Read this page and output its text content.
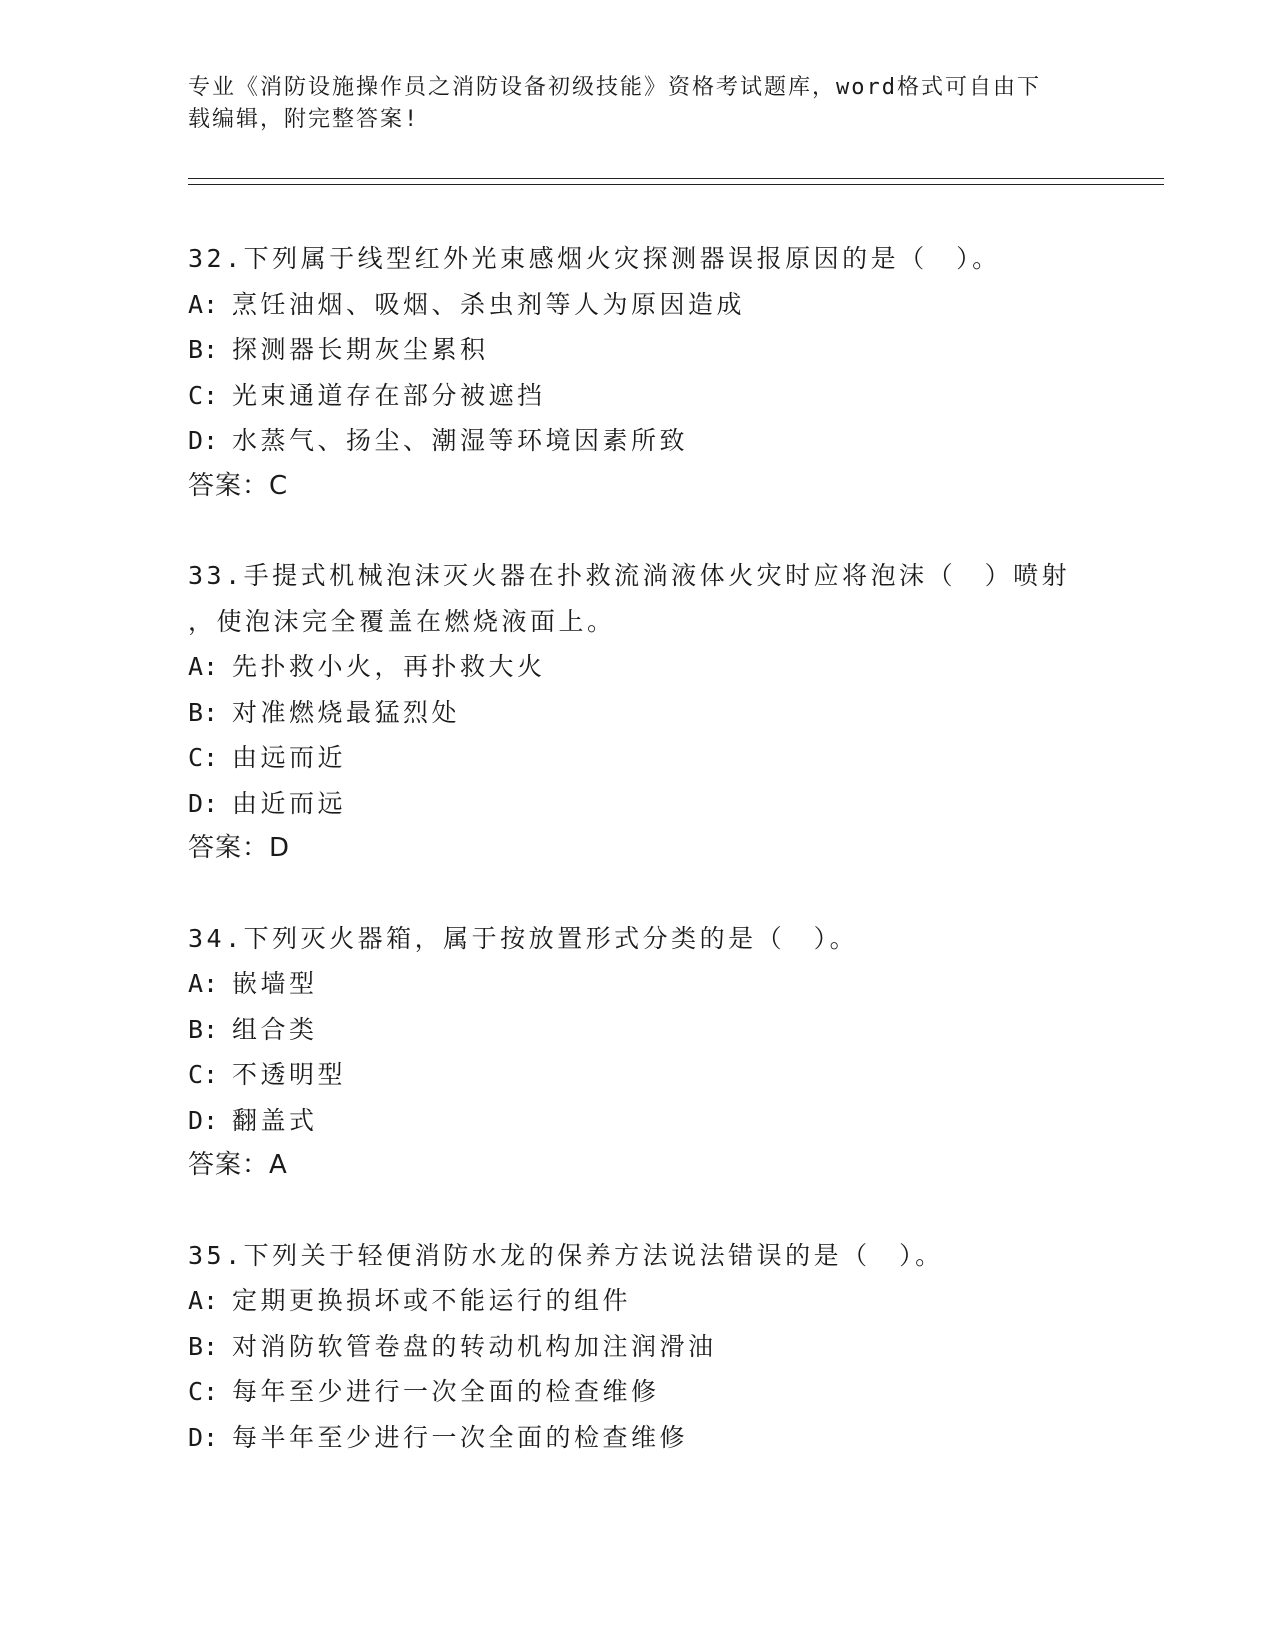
专业《消防设施操作员之消防设备初级技能》资格考试题库，word格式可自由下
载编辑，附完整答案!
32.下列属于线型红外光束感烟火灾探测器误报原因的是（　）。
A: 烹饪油烟、吸烟、杀虫剂等人为原因造成
B: 探测器长期灰尘累积
C: 光束通道存在部分被遮挡
D: 水蒸气、扬尘、潮湿等环境因素所致
答案：C
33.手提式机械泡沫灭火器在扑救流淌液体火灾时应将泡沫（　）喷射
，使泡沫完全覆盖在燃烧液面上。
A: 先扑救小火，再扑救大火
B: 对准燃烧最猛烈处
C: 由远而近
D: 由近而远
答案：D
34.下列灭火器箱，属于按放置形式分类的是（　）。
A: 嵌墙型
B: 组合类
C: 不透明型
D: 翻盖式
答案：A
35.下列关于轻便消防水龙的保养方法说法错误的是（　）。
A: 定期更换损坏或不能运行的组件
B: 对消防软管卷盘的转动机构加注润滑油
C: 每年至少进行一次全面的检查维修
D: 每半年至少进行一次全面的检查维修
